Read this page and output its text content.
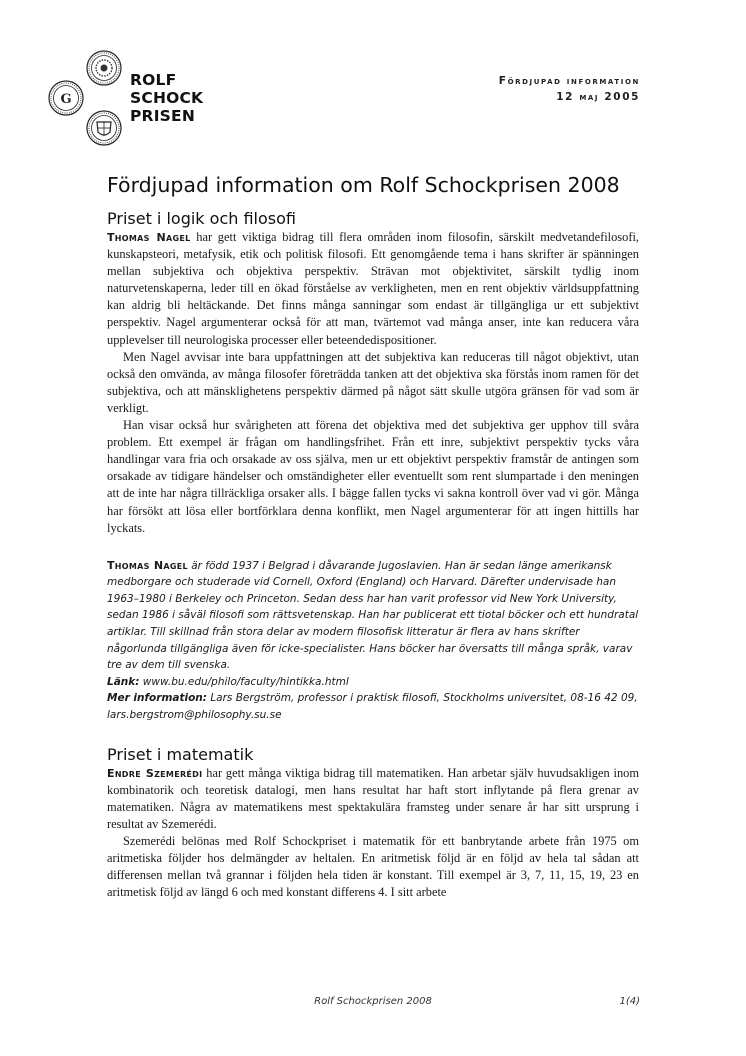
G
ROLF
SCHOCK
PRISEN
Fördjupad information
12 maj 2005
Fördjupad information om Rolf Schockprisen 2008
Priset i logik och filosofi

Thomas Nagel har gett viktiga bidrag till flera områden inom filosofin, särskilt medvetandefilosofi, kunskapsteori, metafysik, etik och politisk filosofi. Ett genomgående tema i hans skrifter är spänningen mellan subjektiva och objektiva perspektiv. Strävan mot objektivitet, särskilt tydlig inom naturvetenskaperna, leder till en ökad förståelse av verkligheten, men en rent objektiv världsuppfattning kan aldrig bli heltäckande. Det finns många sanningar som endast är tillgängliga ur ett subjektivt perspektiv. Nagel argumenterar också för att man, tvärtemot vad många anser, inte kan reducera våra upplevelser till neurologiska processer eller beteendedispositioner.

Men Nagel avvisar inte bara uppfattningen att det subjektiva kan reduceras till något objektivt, utan också den omvända, av många filosofer företrädda tanken att det objektiva ska förstås inom ramen för det subjektiva, och att mänsklighetens perspektiv därmed på något sätt skulle utgöra gränsen för vad som är verkligt.

Han visar också hur svårigheten att förena det objektiva med det subjektiva ger upphov till svåra problem. Ett exempel är frågan om handlingsfrihet. Från ett inre, subjektivt perspektiv tycks våra handlingar vara fria och orsakade av oss själva, men ur ett objektivt perspektiv framstår de antingen som orsakade av tidigare händelser och omständigheter eller eventuellt som rent slumpartade i den meningen att de inte har några tillräckliga orsaker alls. I bägge fallen tycks vi sakna kontroll över vad vi gör. Många har försökt att lösa eller bortförklara denna konflikt, men Nagel argumenterar för att ingen hittills har lyckats.

Thomas Nagel är född 1937 i Belgrad i dåvarande Jugoslavien. Han är sedan länge amerikansk medborgare och studerade vid Cornell, Oxford (England) och Harvard. Därefter undervisade han 1963–1980 i Berkeley och Princeton. Sedan dess har han varit professor vid New York University, sedan 1986 i såväl filosofi som rättsvetenskap. Han har publicerat ett tiotal böcker och ett hundratal artiklar. Till skillnad från stora delar av modern filosofisk litteratur är flera av hans skrifter någorlunda tillgängliga även för icke-specialister. Hans böcker har översatts till många språk, varav tre av dem till svenska.
Länk: www.bu.edu/philo/faculty/hintikka.html
Mer information: Lars Bergström, professor i praktisk filosofi, Stockholms universitet, 08-16 42 09, lars.bergstrom@philosophy.su.se
Priset i matematik

Endre Szemerédi har gett många viktiga bidrag till matematiken. Han arbetar själv huvudsakligen inom kombinatorik och teoretisk datalogi, men hans resultat har haft stort inflytande på flera grenar av matematiken. Några av matematikens mest spektakulära framsteg under senare år har sitt ursprung i resultat av Szemerédi.

Szemerédi belönas med Rolf Schockpriset i matematik för ett banbrytande arbete från 1975 om aritmetiska följder hos delmängder av heltalen. En aritmetisk följd är en följd av hela tal sådan att differensen mellan två grannar i följden hela tiden är konstant. Till exempel är 3, 7, 11, 15, 19, 23 en aritmetisk följd av längd 6 och med konstant differens 4. I sitt arbete

Rolf Schockprisen 2008	1(4)
